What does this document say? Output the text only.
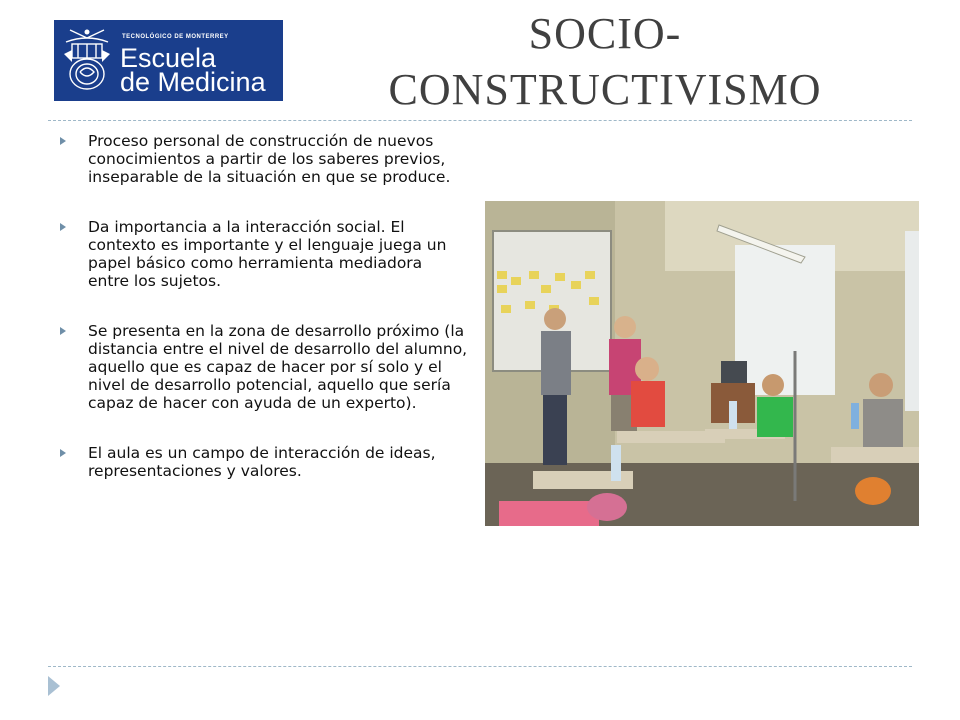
TECNOLÓGICO DE MONTERREY
Escuela
de Medicina
SOCIO-
CONSTRUCTIVISMO
Proceso personal de construcción de nuevos conocimientos a partir de los saberes previos, inseparable de la situación en que se produce.
Da importancia a la interacción social. El contexto es importante y el lenguaje juega un papel básico como herramienta mediadora entre los sujetos.
Se presenta en la zona de desarrollo próximo (la distancia entre el nivel de desarrollo del alumno, aquello que es capaz de hacer por sí solo y el nivel de desarrollo potencial, aquello que sería capaz de hacer con ayuda de un experto).
El aula es un campo de interacción de ideas, representaciones y valores.
